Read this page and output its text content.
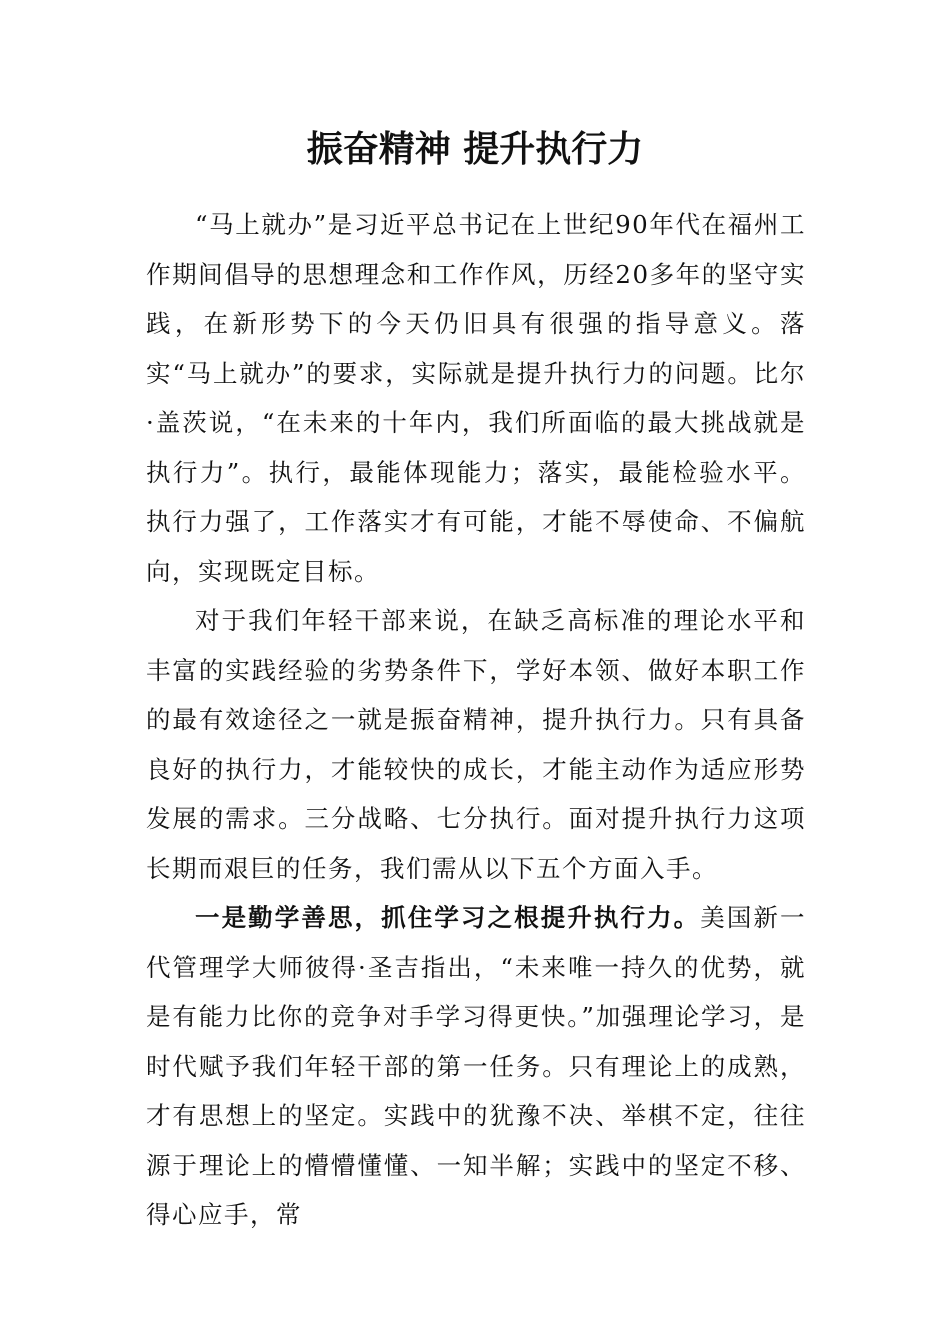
振奋精神 提升执行力

“马上就办”是习近平总书记在上世纪90年代在福州工作期间倡导的思想理念和工作作风，历经20多年的坚守实践，在新形势下的今天仍旧具有很强的指导意义。落实“马上就办”的要求，实际就是提升执行力的问题。比尔·盖茨说，“在未来的十年内，我们所面临的最大挑战就是执行力”。执行，最能体现能力；落实，最能检验水平。执行力强了，工作落实才有可能，才能不辱使命、不偏航向，实现既定目标。

对于我们年轻干部来说，在缺乏高标准的理论水平和丰富的实践经验的劣势条件下，学好本领、做好本职工作的最有效途径之一就是振奋精神，提升执行力。只有具备良好的执行力，才能较快的成长，才能主动作为适应形势发展的需求。三分战略、七分执行。面对提升执行力这项长期而艰巨的任务，我们需从以下五个方面入手。

一是勤学善思，抓住学习之根提升执行力。美国新一代管理学大师彼得·圣吉指出，“未来唯一持久的优势，就是有能力比你的竞争对手学习得更快。”加强理论学习，是时代赋予我们年轻干部的第一任务。只有理论上的成熟，才有思想上的坚定。实践中的犹豫不决、举棋不定，往往源于理论上的懵懵懂懂、一知半解；实践中的坚定不移、得心应手，常
